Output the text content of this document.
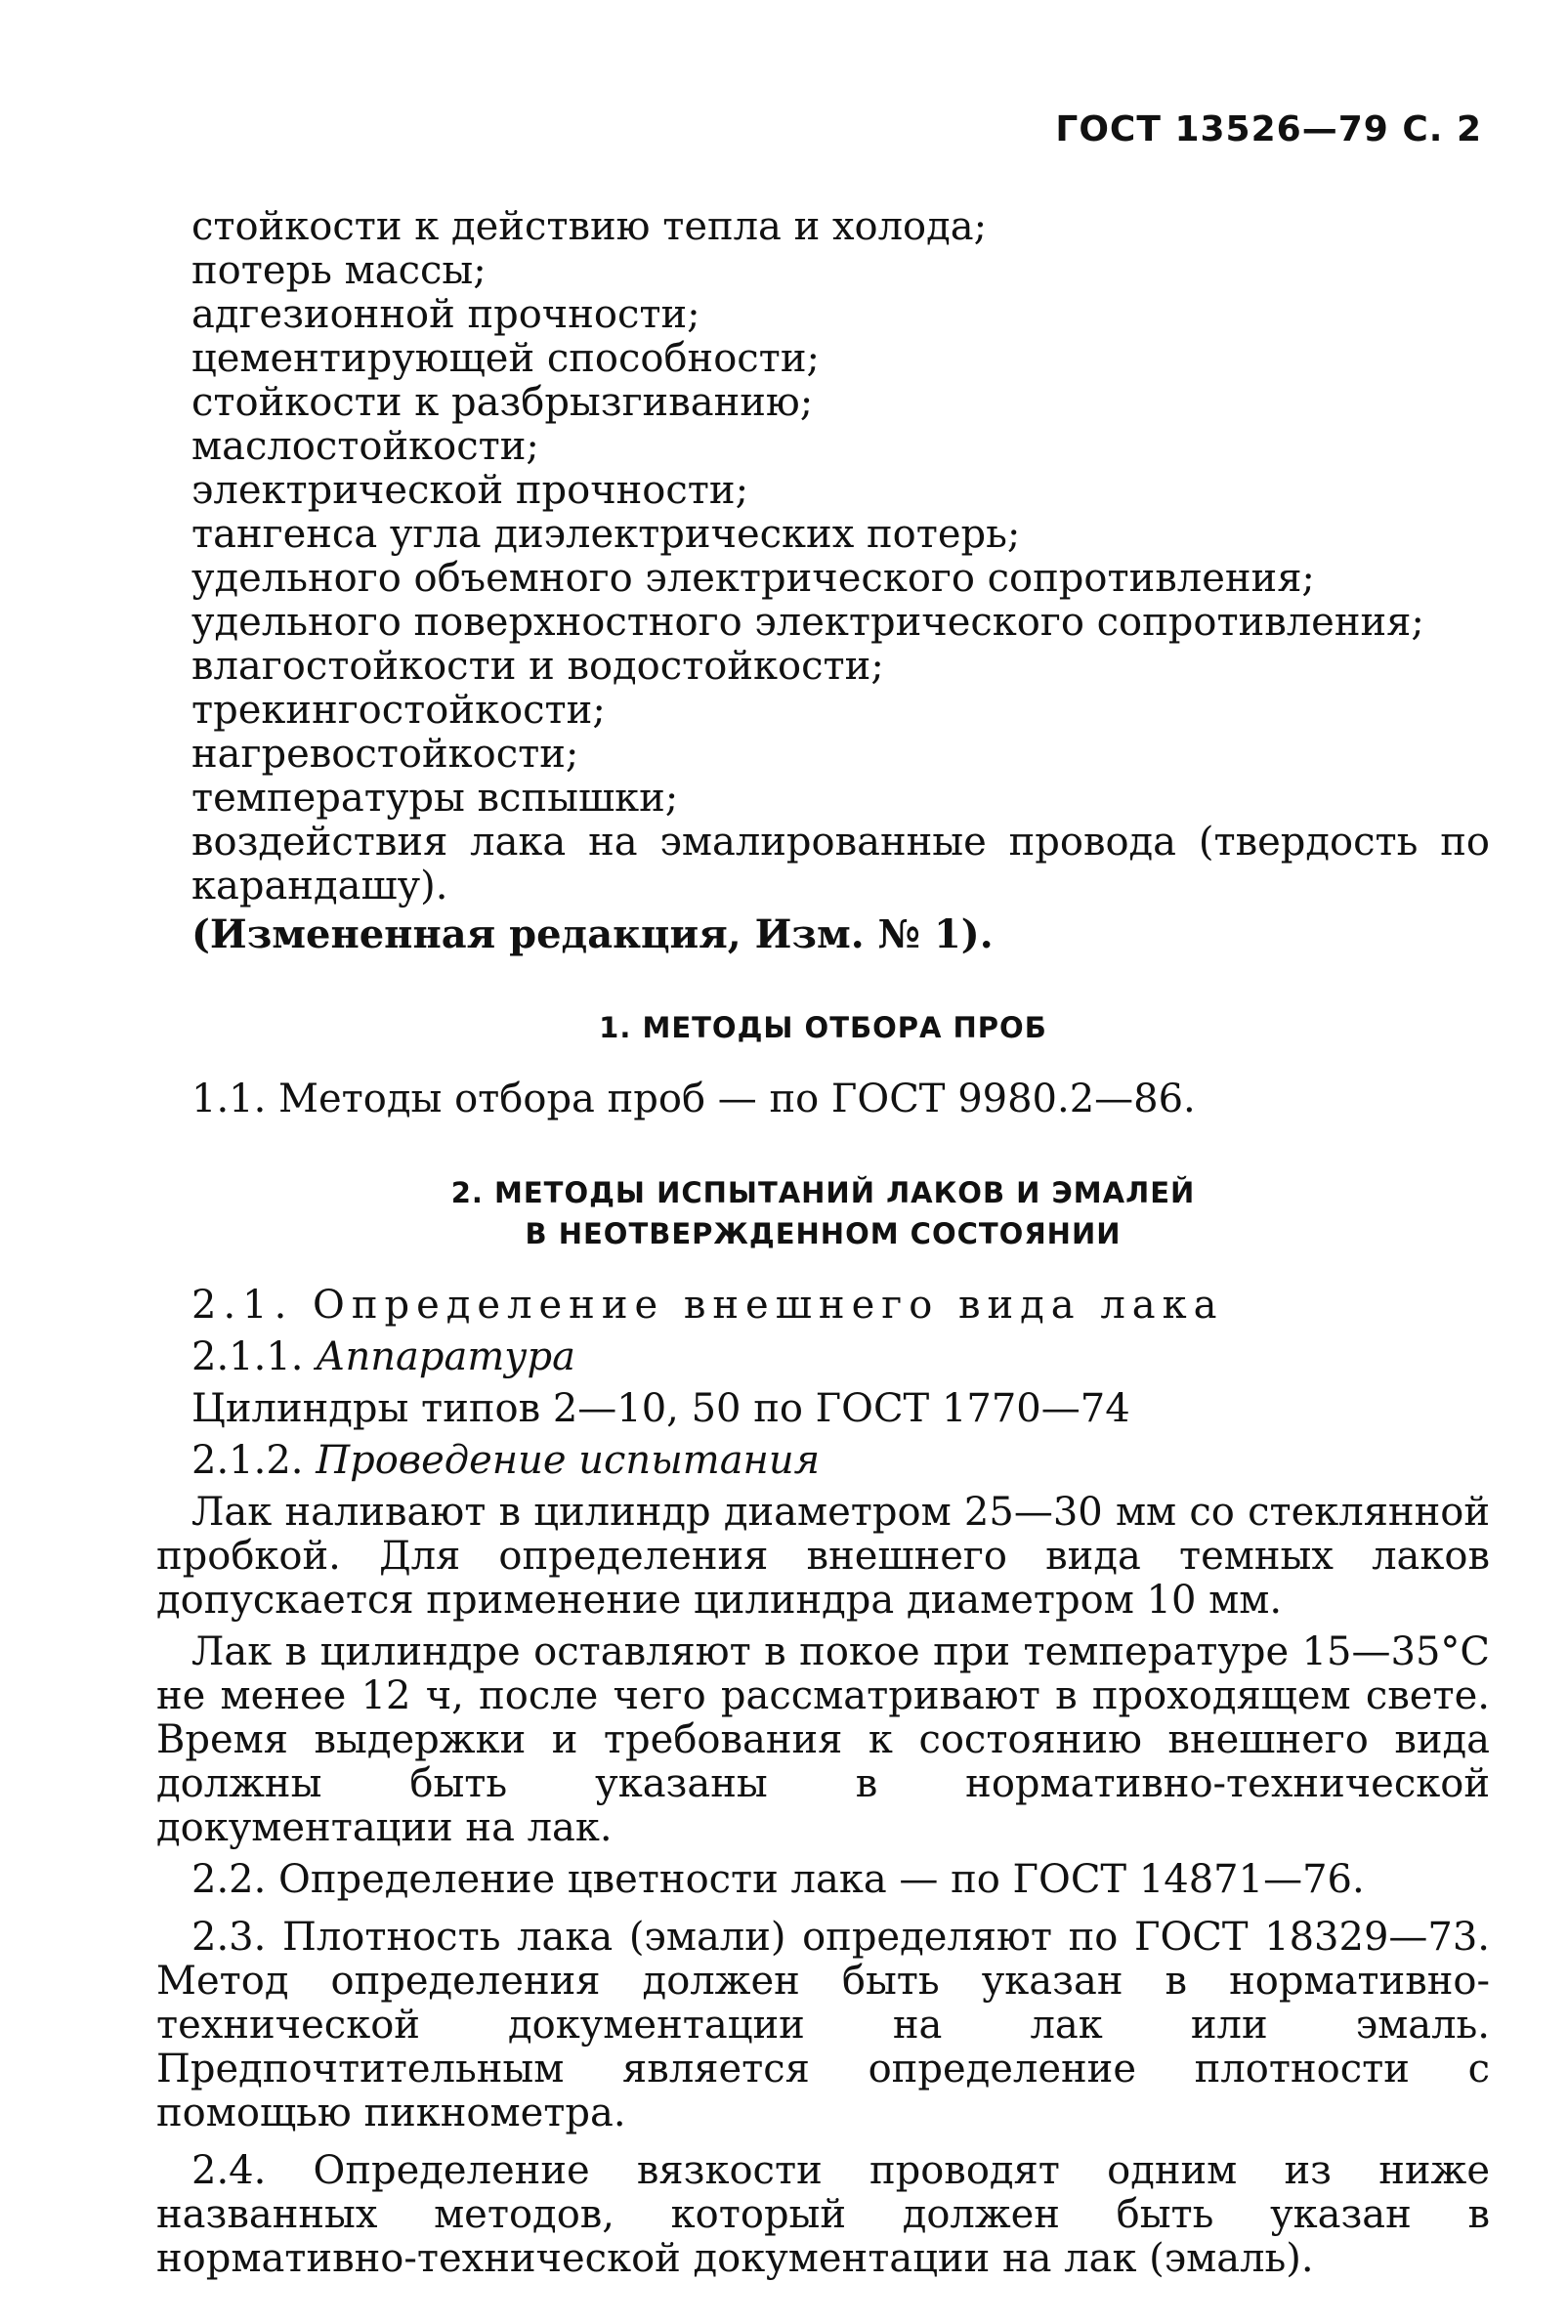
ГОСТ 13526—79 С. 2
стойкости к действию тепла и холода;
потерь массы;
адгезионной прочности;
цементирующей способности;
стойкости к разбрызгиванию;
маслостойкости;
электрической прочности;
тангенса угла диэлектрических потерь;
удельного объемного электрического сопротивления;
удельного поверхностного электрического сопротивления;
влагостойкости и водостойкости;
трекингостойкости;
нагревостойкости;
температуры вспышки;
воздействия лака на эмалированные провода (твердость по карандашу).

(Измененная редакция, Изм. № 1).

1. МЕТОДЫ ОТБОРА ПРОБ

1.1. Методы отбора проб — по ГОСТ 9980.2—86.

2. МЕТОДЫ ИСПЫТАНИЙ ЛАКОВ И ЭМАЛЕЙ
В НЕОТВЕРЖДЕННОМ СОСТОЯНИИ

2.1. Определение внешнего вида лака

2.1.1. Аппаратура

Цилиндры типов 2—10, 50 по ГОСТ 1770—74

2.1.2. Проведение испытания

Лак наливают в цилиндр диаметром 25—30 мм со стеклянной пробкой. Для определения внешнего вида темных лаков допускается применение цилиндра диаметром 10 мм.

Лак в цилиндре оставляют в покое при температуре 15—35°С не менее 12 ч, после чего рассматривают в проходящем свете. Время выдержки и требования к состоянию внешнего вида должны быть указаны в нормативно-технической документации на лак.

2.2. Определение цветности лака — по ГОСТ 14871—76.

2.3. Плотность лака (эмали) определяют по ГОСТ 18329—73. Метод определения должен быть указан в нормативно-технической документации на лак или эмаль. Предпочтительным является определение плотности с помощью пикнометра.

2.4. Определение вязкости проводят одним из ниже названных методов, который должен быть указан в нормативно-технической документации на лак (эмаль).
